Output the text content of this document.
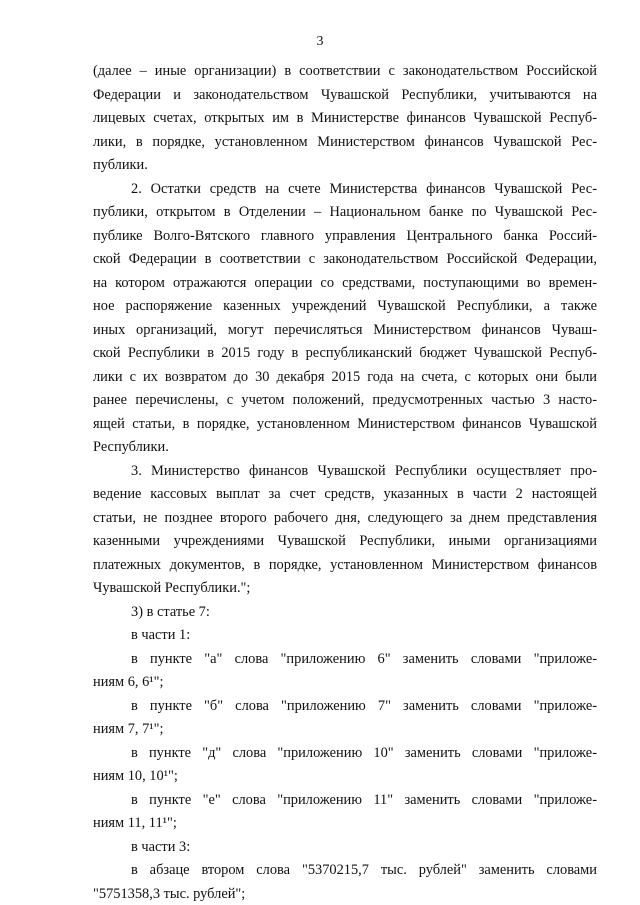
3
(далее – иные организации) в соответствии с законодательством Российской
Федерации и законодательством Чувашской Республики, учитываются на
лицевых счетах, открытых им в Министерстве финансов Чувашской Респуб-
лики, в порядке, установленном Министерством финансов Чувашской Рес-
публики.
2. Остатки средств на счете Министерства финансов Чувашской Рес-
публики, открытом в Отделении – Национальном банке по Чувашской Рес-
публике Волго-Вятского главного управления Центрального банка Россий-
ской Федерации в соответствии с законодательством Российской Федерации,
на котором отражаются операции со средствами, поступающими во времен-
ное распоряжение казенных учреждений Чувашской Республики, а также
иных организаций, могут перечисляться Министерством финансов Чуваш-
ской Республики в 2015 году в республиканский бюджет Чувашской Респуб-
лики с их возвратом до 30 декабря 2015 года на счета, с которых они были
ранее перечислены, с учетом положений, предусмотренных частью 3 насто-
ящей статьи, в порядке, установленном Министерством финансов Чувашской
Республики.
3. Министерство финансов Чувашской Республики осуществляет про-
ведение кассовых выплат за счет средств, указанных в части 2 настоящей
статьи, не позднее второго рабочего дня, следующего за днем представления
казенными учреждениями Чувашской Республики, иными организациями
платежных документов, в порядке, установленном Министерством финансов
Чувашской Республики.";
3) в статье 7:
в части 1:
в пункте "а" слова "приложению 6" заменить словами "приложе-
ниям 6, 6¹";
в пункте "б" слова "приложению 7" заменить словами "приложе-
ниям 7, 7¹";
в пункте "д" слова "приложению 10" заменить словами "приложе-
ниям 10, 10¹";
в пункте "е" слова "приложению 11" заменить словами "приложе-
ниям 11, 11¹";
в части 3:
в абзаце втором слова "5370215,7 тыс. рублей" заменить словами
"5751358,3 тыс. рублей";
